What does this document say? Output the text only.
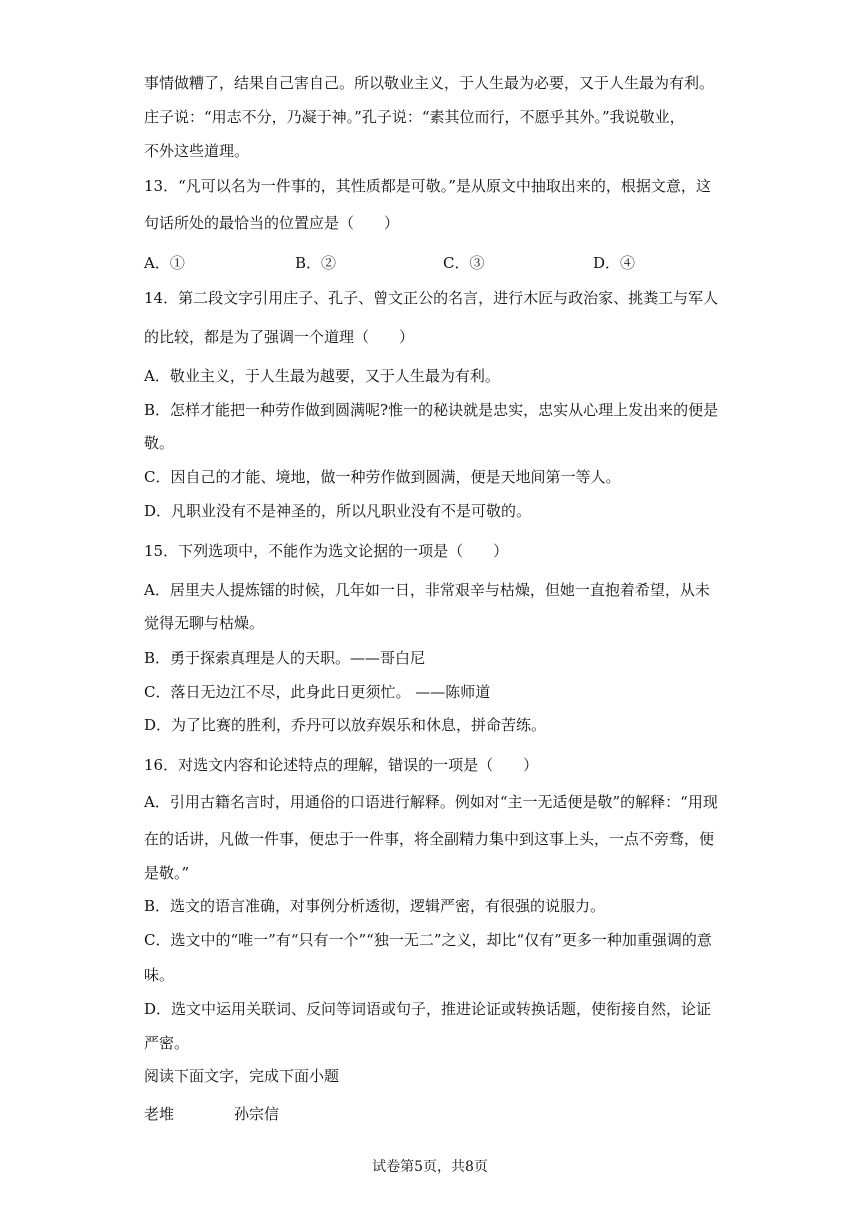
事情做糟了，结果自己害自己。所以敬业主义，于人生最为必要，又于人生最为有利。
庄子说：“用志不分，乃凝于神。”孔子说：“素其位而行，不愿乎其外。”我说敬业，
不外这些道理。
13．“凡可以名为一件事的，其性质都是可敬。”是从原文中抽取出来的，根据文意，这
句话所处的最恰当的位置应是（　　）
A．①	B．②	C．③	D．④
14．第二段文字引用庄子、孔子、曾文正公的名言，进行木匠与政治家、挑粪工与军人
的比较，都是为了强调一个道理（　　）
A．敬业主义，于人生最为越要，又于人生最为有利。
B．怎样才能把一种劳作做到圆满呢?惟一的秘诀就是忠实，忠实从心理上发出来的便是
敬。
C．因自己的才能、境地，做一种劳作做到圆满，便是天地间第一等人。
D．凡职业没有不是神圣的，所以凡职业没有不是可敬的。
15．下列选项中，不能作为选文论据的一项是（　　）
A．居里夫人提炼镭的时候，几年如一日，非常艰辛与枯燥，但她一直抱着希望，从未
觉得无聊与枯燥。
B．勇于探索真理是人的天职。——哥白尼
C．落日无边江不尽，此身此日更须忙。 ——陈师道
D．为了比赛的胜利，乔丹可以放弃娱乐和休息，拼命苦练。
16．对选文内容和论述特点的理解，错误的一项是（　　）
A．引用古籍名言时，用通俗的口语进行解释。例如对“主一无适便是敬”的解释：“用现
在的话讲，凡做一件事，便忠于一件事，将全副精力集中到这事上头，一点不旁骛，便
是敬。”
B．选文的语言准确，对事例分析透彻，逻辑严密，有很强的说服力。
C．选文中的“唯一”有“只有一个”“独一无二”之义，却比“仅有”更多一种加重强调的意
味。
D．选文中运用关联词、反问等词语或句子，推进论证或转换话题，使衔接自然，论证
严密。
阅读下面文字，完成下面小题
老堆	孙宗信
试卷第5页，共8页
